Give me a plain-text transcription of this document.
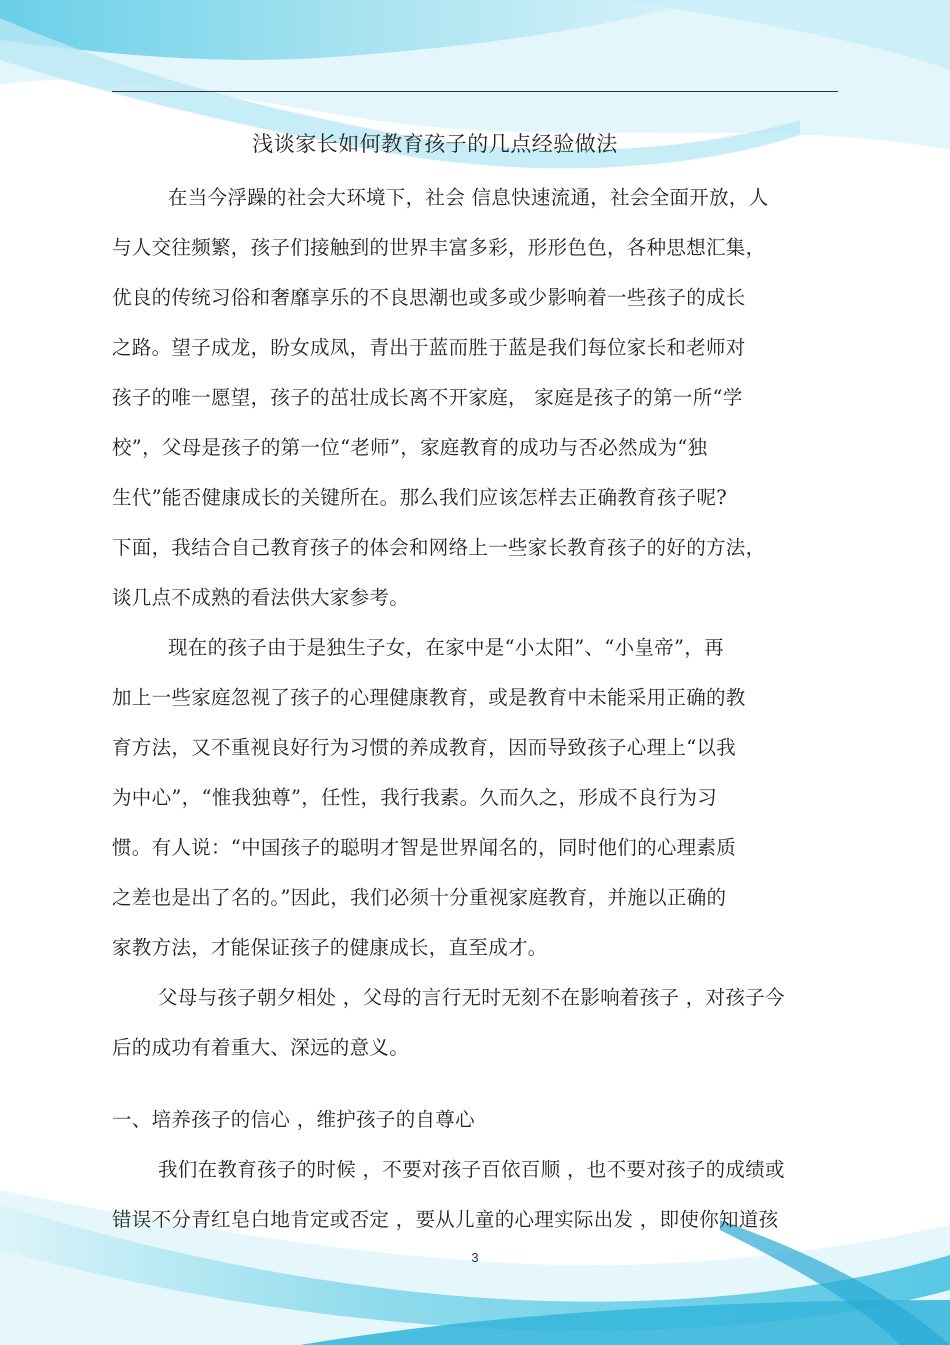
浅谈家长如何教育孩子的几点经验做法
在当今浮躁的社会大环境下，社会 信息快速流通，社会全面开放，人
与人交往频繁，孩子们接触到的世界丰富多彩，形形色色，各种思想汇集，
优良的传统习俗和奢靡享乐的不良思潮也或多或少影响着一些孩子的成长
之路。望子成龙，盼女成凤，青出于蓝而胜于蓝是我们每位家长和老师对
孩子的唯一愿望，孩子的茁壮成长离不开家庭， 家庭是孩子的第一所“学
校”，父母是孩子的第一位“老师”，家庭教育的成功与否必然成为“独
生代”能否健康成长的关键所在。那么我们应该怎样去正确教育孩子呢?
下面，我结合自己教育孩子的体会和网络上一些家长教育孩子的好的方法，
谈几点不成熟的看法供大家参考。
现在的孩子由于是独生子女，在家中是“小太阳”、“小皇帝”，再
加上一些家庭忽视了孩子的心理健康教育，或是教育中未能采用正确的教
育方法，又不重视良好行为习惯的养成教育，因而导致孩子心理上“以我
为中心”，“惟我独尊”，任性，我行我素。久而久之，形成不良行为习
惯。有人说：“中国孩子的聪明才智是世界闻名的，同时他们的心理素质
之差也是出了名的。”因此，我们必须十分重视家庭教育，并施以正确的
家教方法，才能保证孩子的健康成长，直至成才。
父母与孩子朝夕相处 ，父母的言行无时无刻不在影响着孩子 ，对孩子今
后的成功有着重大、深远的意义。
一、培养孩子的信心 ，维护孩子的自尊心
我们在教育孩子的时候 ，不要对孩子百依百顺 ，也不要对孩子的成绩或
错误不分青红皂白地肯定或否定 ，要从儿童的心理实际出发 ，即使你知道孩
3
